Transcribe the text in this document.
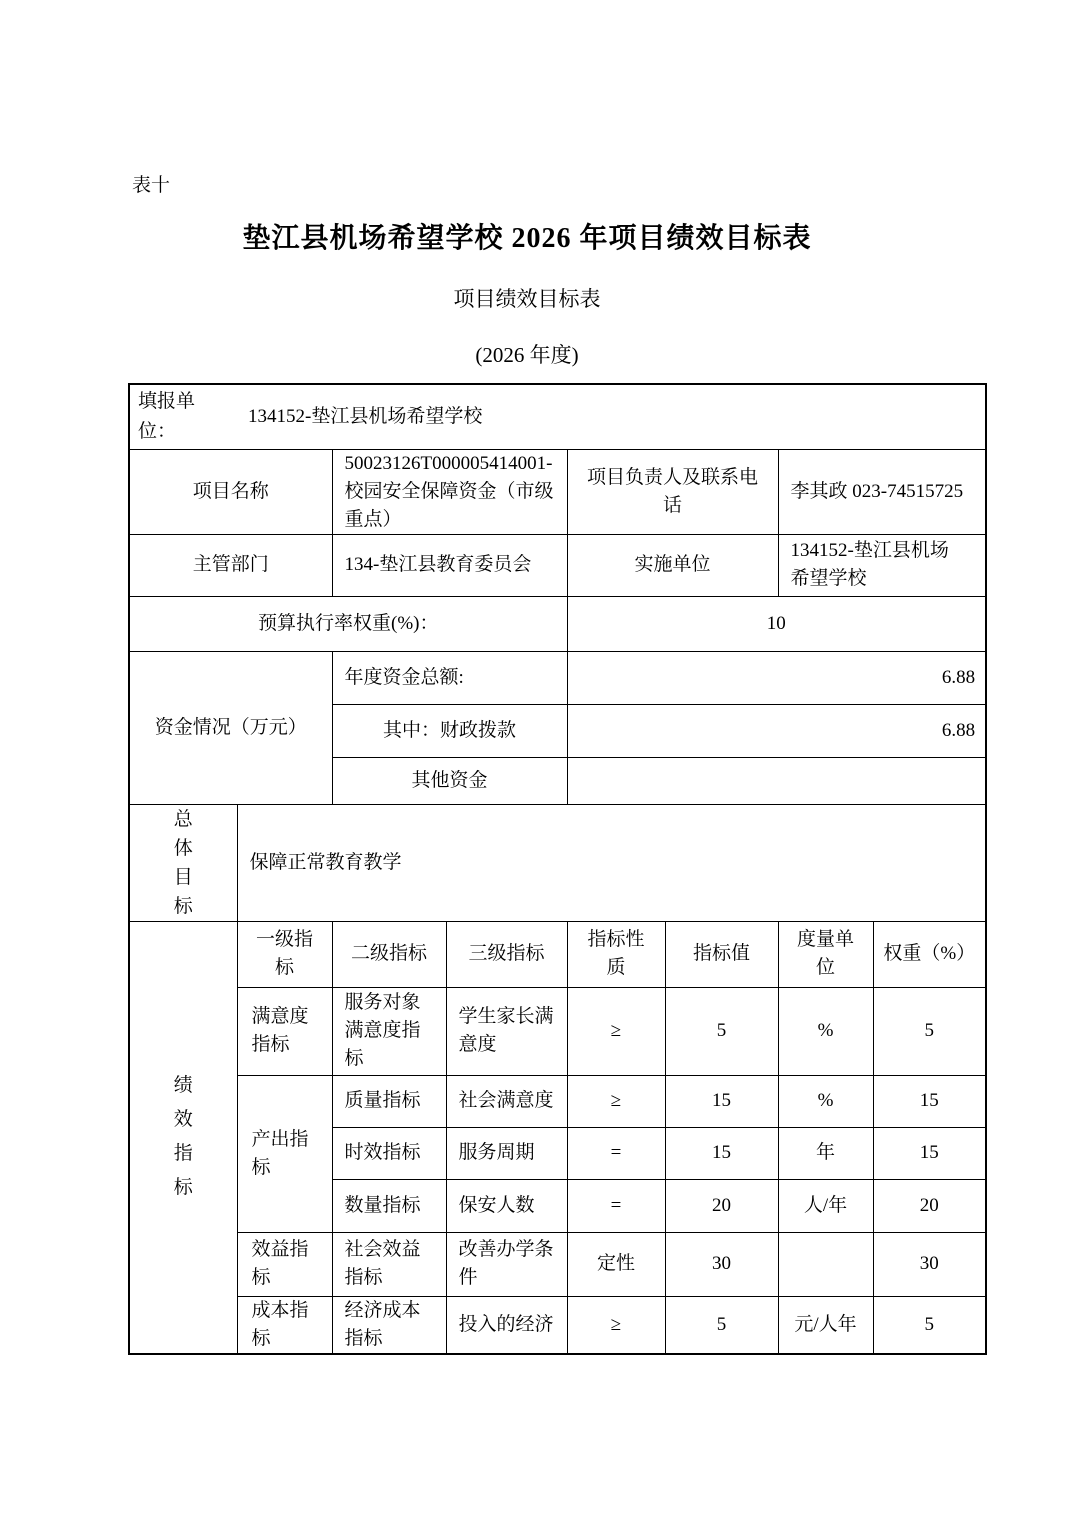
表十
垫江县机场希望学校 2026 年项目绩效目标表
项目绩效目标表
(2026 年度)
填报单位：
134152-垫江县机场希望学校							

项目名称		50023126T000005414001-校园安全保障资金（市级重点）		项目负责人及联系电话		李其政 023-74515725	
主管部门		134-垫江县教育委员会		实施单位		134152-垫江县机场希望学校	
预算执行率权重(%)：				10			
资金情况（万元）		年度资金总额:		6.88			
		其中：财政拨款		6.88			
		其他资金					

总体目标	保障正常教育教学						

绩效指标	一级指标	二级指标	三级指标	指标性质	指标值	度量单位	权重（%）
	满意度指标	服务对象满意度指标	学生家长满意度	≥	5	%	5
	产出指标	质量指标	社会满意度	≥	15	%	15
		时效指标	服务周期	=	15	年	15
		数量指标	保安人数	=	20	人/年	20
	效益指标	社会效益指标	改善办学条件	定性	30		30
	成本指标	经济成本指标	投入的经济	≥	5	元/人年	5
